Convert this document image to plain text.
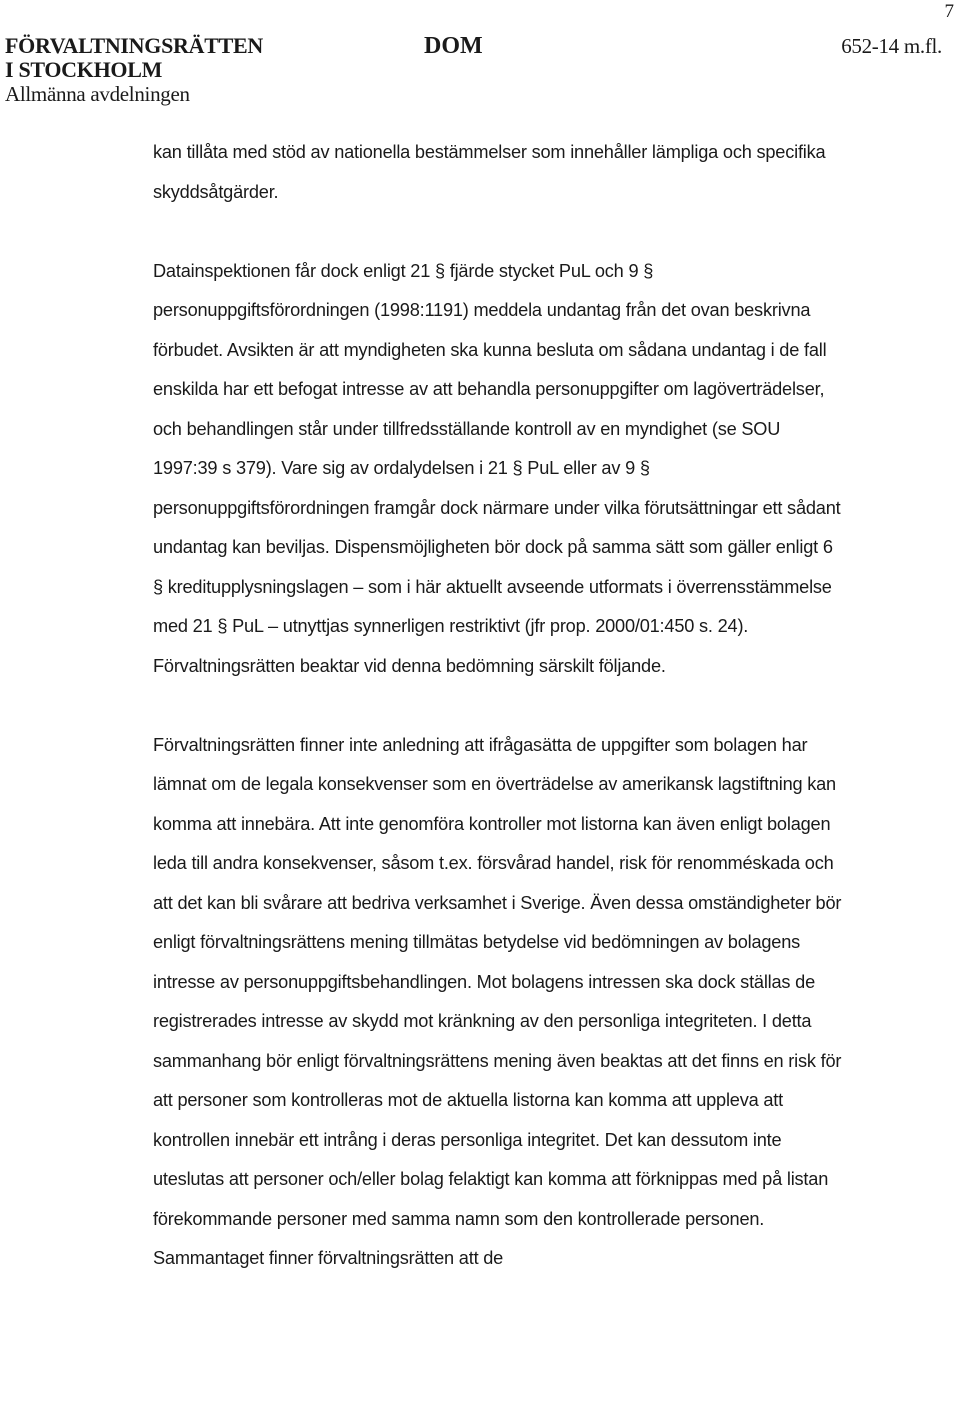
7
FÖRVALTNINGSRÄTTEN
I STOCKHOLM
Allmänna avdelningen
DOM	652-14 m.fl.

kan tillåta med stöd av nationella bestämmelser som innehåller lämpliga och specifika skyddsåtgärder.

Datainspektionen får dock enligt 21 § fjärde stycket PuL och 9 § personuppgiftsförordningen (1998:1191) meddela undantag från det ovan beskrivna förbudet. Avsikten är att myndigheten ska kunna besluta om sådana undantag i de fall enskilda har ett befogat intresse av att behandla personuppgifter om lagöverträdelser, och behandlingen står under tillfredsställande kontroll av en myndighet (se SOU 1997:39 s 379). Vare sig av ordalydelsen i 21 § PuL eller av 9 § personuppgiftsförordningen framgår dock närmare under vilka förutsättningar ett sådant undantag kan beviljas. Dispensmöjligheten bör dock på samma sätt som gäller enligt 6 § kreditupplysningslagen – som i här aktuellt avseende utformats i överrensstämmelse med 21 § PuL – utnyttjas synnerligen restriktivt (jfr prop. 2000/01:450 s. 24). Förvaltningsrätten beaktar vid denna bedömning särskilt följande.

Förvaltningsrätten finner inte anledning att ifrågasätta de uppgifter som bolagen har lämnat om de legala konsekvenser som en överträdelse av amerikansk lagstiftning kan komma att innebära. Att inte genomföra kontroller mot listorna kan även enligt bolagen leda till andra konsekvenser, såsom t.ex. försvårad handel, risk för renomméskada och att det kan bli svårare att bedriva verksamhet i Sverige. Även dessa omständigheter bör enligt förvaltningsrättens mening tillmätas betydelse vid bedömningen av bolagens intresse av personuppgiftsbehandlingen. Mot bolagens intressen ska dock ställas de registrerades intresse av skydd mot kränkning av den personliga integriteten. I detta sammanhang bör enligt förvaltningsrättens mening även beaktas att det finns en risk för att personer som kontrolleras mot de aktuella listorna kan komma att uppleva att kontrollen innebär ett intrång i deras personliga integritet. Det kan dessutom inte uteslutas att personer och/eller bolag felaktigt kan komma att förknippas med på listan förekommande personer med samma namn som den kontrollerade personen. Sammantaget finner förvaltningsrätten att de
